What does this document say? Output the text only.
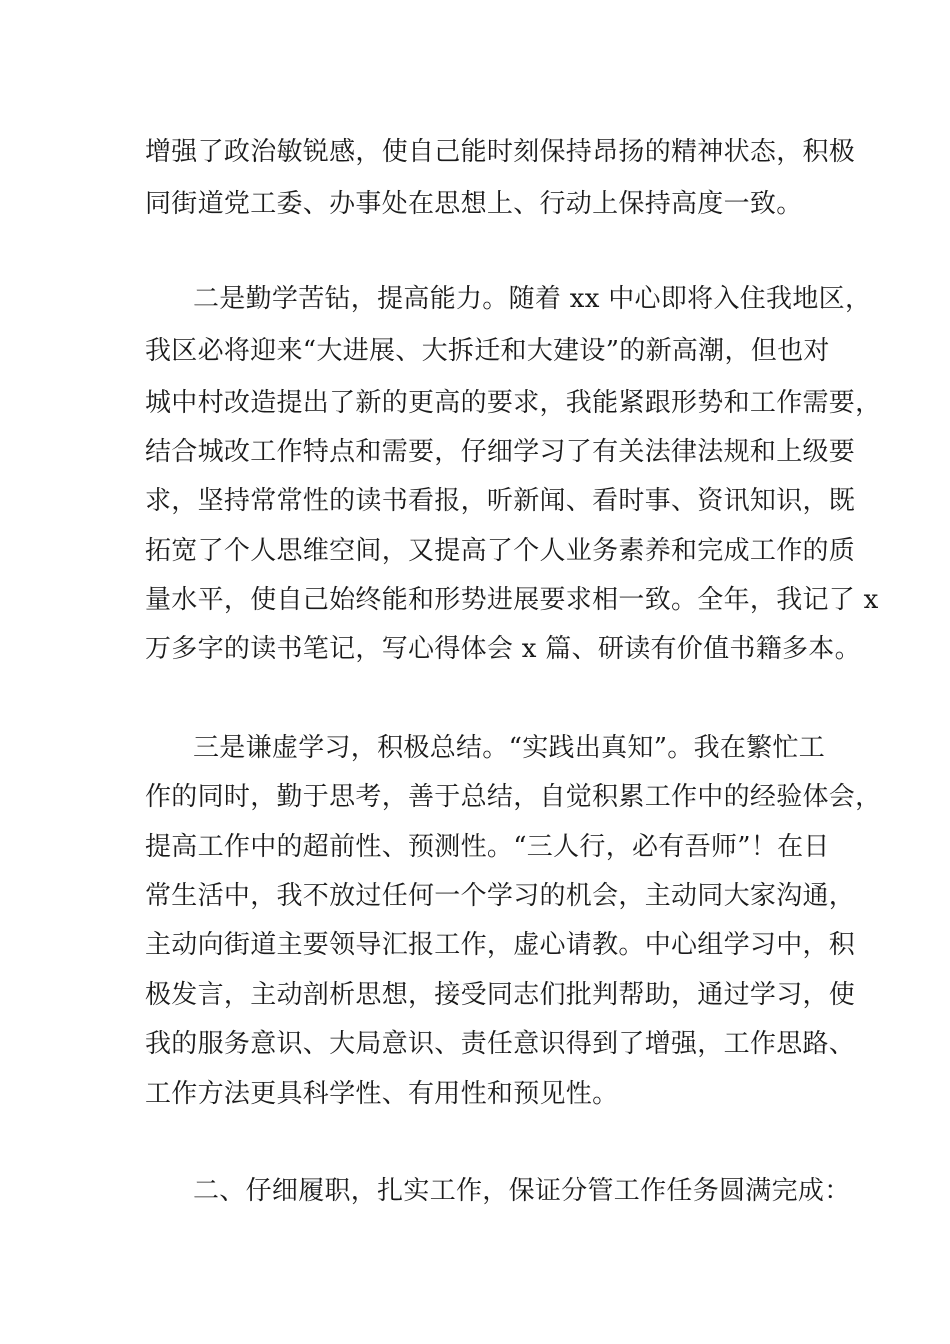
增强了政治敏锐感，使自己能时刻保持昂扬的精神状态，积极
同街道党工委、办事处在思想上、行动上保持高度一致。
二是勤学苦钻，提高能力。随着 xx 中心即将入住我地区，
我区必将迎来“大进展、大拆迁和大建设”的新高潮，但也对
城中村改造提出了新的更高的要求，我能紧跟形势和工作需要，
结合城改工作特点和需要，仔细学习了有关法律法规和上级要
求，坚持常常性的读书看报，听新闻、看时事、资讯知识，既
拓宽了个人思维空间，又提高了个人业务素养和完成工作的质
量水平，使自己始终能和形势进展要求相一致。全年，我记了 x
万多字的读书笔记，写心得体会 x 篇、研读有价值书籍多本。
三是谦虚学习，积极总结。“实践出真知”。我在繁忙工
作的同时，勤于思考，善于总结，自觉积累工作中的经验体会，
提高工作中的超前性、预测性。“三人行，必有吾师”！在日
常生活中，我不放过任何一个学习的机会，主动同大家沟通，
主动向街道主要领导汇报工作，虚心请教。中心组学习中，积
极发言，主动剖析思想，接受同志们批判帮助，通过学习，使
我的服务意识、大局意识、责任意识得到了增强，工作思路、
工作方法更具科学性、有用性和预见性。
二、仔细履职，扎实工作，保证分管工作任务圆满完成：
